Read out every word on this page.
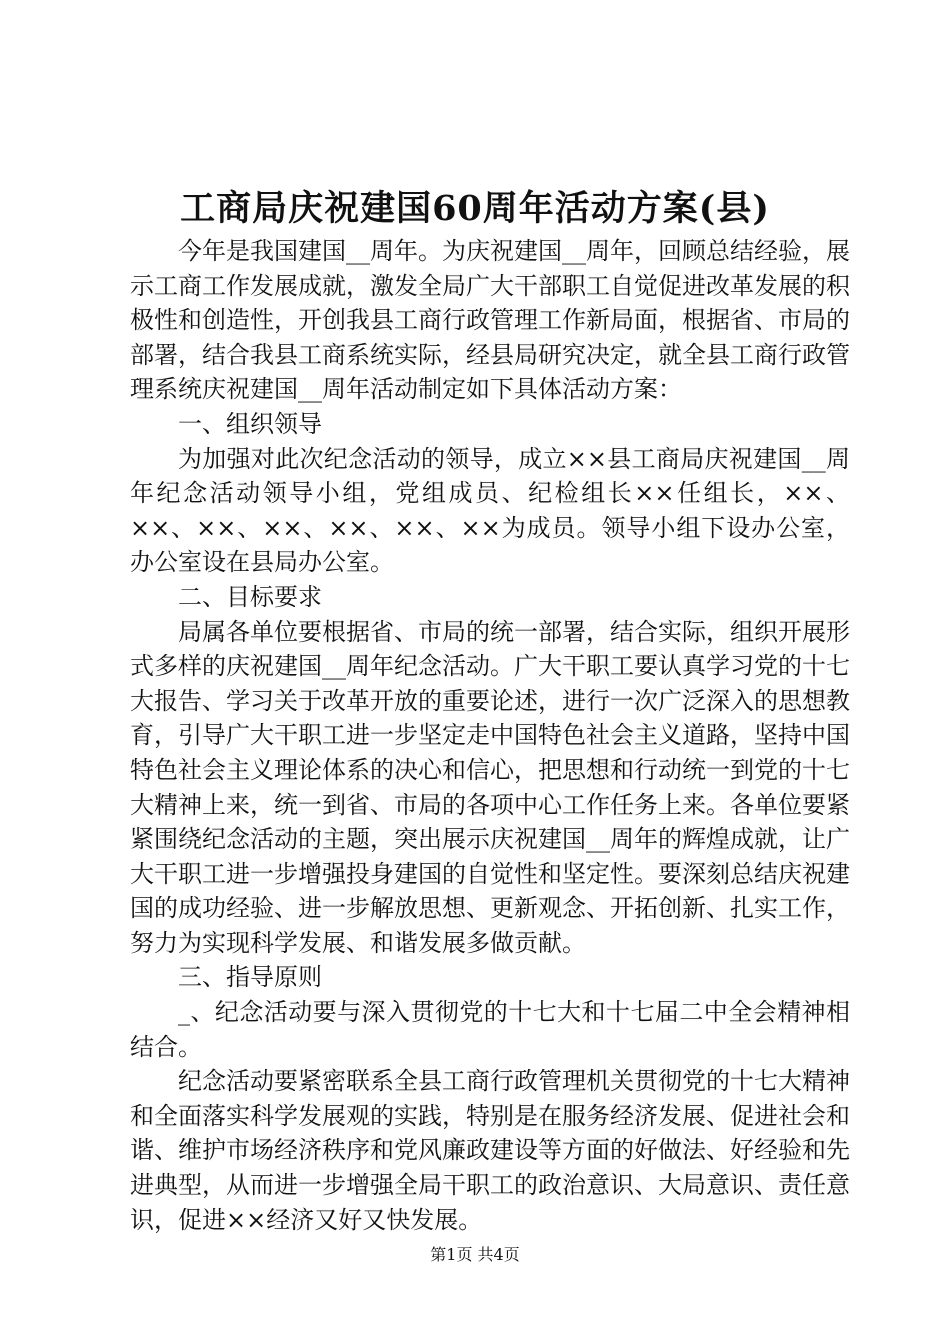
工商局庆祝建国60周年活动方案(县)

今年是我国建国__周年。为庆祝建国__周年，回顾总结经验，展示工商工作发展成就，激发全局广大干部职工自觉促进改革发展的积极性和创造性，开创我县工商行政管理工作新局面，根据省、市局的部署，结合我县工商系统实际，经县局研究决定，就全县工商行政管理系统庆祝建国__周年活动制定如下具体活动方案：

一、组织领导

为加强对此次纪念活动的领导，成立××县工商局庆祝建国__周年纪念活动领导小组，党组成员、纪检组长××任组长，××、××、××、××、××、××、××为成员。领导小组下设办公室，办公室设在县局办公室。

二、目标要求

局属各单位要根据省、市局的统一部署，结合实际，组织开展形式多样的庆祝建国__周年纪念活动。广大干职工要认真学习党的十七大报告、学习关于改革开放的重要论述，进行一次广泛深入的思想教育，引导广大干职工进一步坚定走中国特色社会主义道路，坚持中国特色社会主义理论体系的决心和信心，把思想和行动统一到党的十七大精神上来，统一到省、市局的各项中心工作任务上来。各单位要紧紧围绕纪念活动的主题，突出展示庆祝建国__周年的辉煌成就，让广大干职工进一步增强投身建国的自觉性和坚定性。要深刻总结庆祝建国的成功经验、进一步解放思想、更新观念、开拓创新、扎实工作，努力为实现科学发展、和谐发展多做贡献。

三、指导原则

_、纪念活动要与深入贯彻党的十七大和十七届二中全会精神相结合。

纪念活动要紧密联系全县工商行政管理机关贯彻党的十七大精神和全面落实科学发展观的实践，特别是在服务经济发展、促进社会和谐、维护市场经济秩序和党风廉政建设等方面的好做法、好经验和先进典型，从而进一步增强全局干职工的政治意识、大局意识、责任意识，促进××经济又好又快发展。

第1页 共4页
